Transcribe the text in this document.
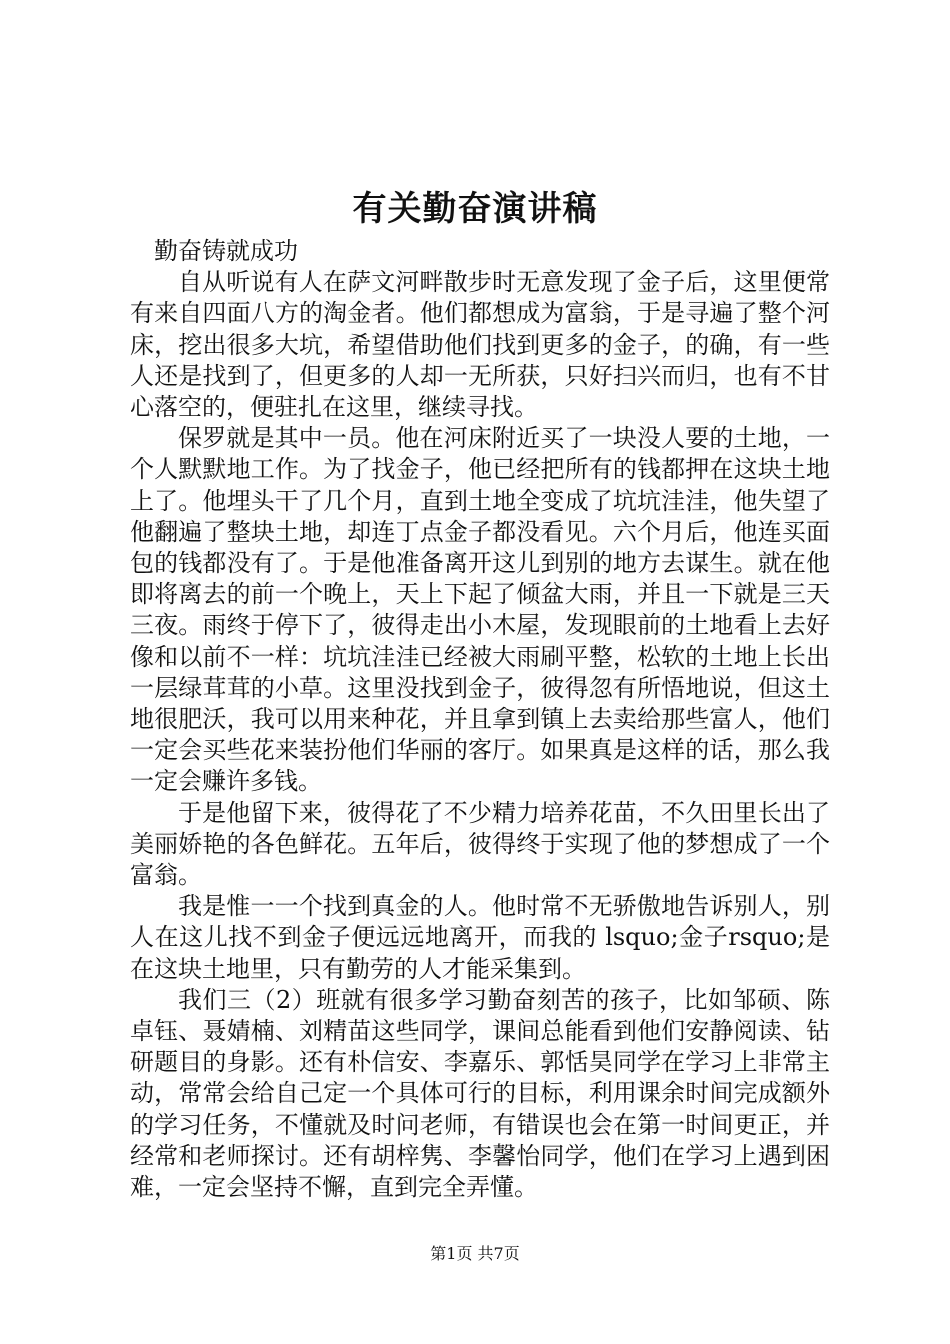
有关勤奋演讲稿

勤奋铸就成功

自从听说有人在萨文河畔散步时无意发现了金子后，这里便常有来自四面八方的淘金者。他们都想成为富翁，于是寻遍了整个河床，挖出很多大坑，希望借助他们找到更多的金子，的确，有一些人还是找到了，但更多的人却一无所获，只好扫兴而归，也有不甘心落空的，便驻扎在这里，继续寻找。

保罗就是其中一员。他在河床附近买了一块没人要的土地，一个人默默地工作。为了找金子，他已经把所有的钱都押在这块土地上了。他埋头干了几个月，直到土地全变成了坑坑洼洼，他失望了他翻遍了整块土地，却连丁点金子都没看见。六个月后，他连买面包的钱都没有了。于是他准备离开这儿到别的地方去谋生。就在他即将离去的前一个晚上，天上下起了倾盆大雨，并且一下就是三天三夜。雨终于停下了，彼得走出小木屋，发现眼前的土地看上去好像和以前不一样：坑坑洼洼已经被大雨刷平整，松软的土地上长出一层绿茸茸的小草。这里没找到金子，彼得忽有所悟地说，但这土地很肥沃，我可以用来种花，并且拿到镇上去卖给那些富人，他们一定会买些花来装扮他们华丽的客厅。如果真是这样的话，那么我一定会赚许多钱。

于是他留下来，彼得花了不少精力培养花苗，不久田里长出了美丽娇艳的各色鲜花。五年后，彼得终于实现了他的梦想成了一个富翁。

我是惟一一个找到真金的人。他时常不无骄傲地告诉别人，别人在这儿找不到金子便远远地离开，而我的 lsquo;金子rsquo;是在这块土地里，只有勤劳的人才能采集到。

我们三（2）班就有很多学习勤奋刻苦的孩子，比如邹硕、陈卓钰、聂婧楠、刘精苗这些同学，课间总能看到他们安静阅读、钻研题目的身影。还有朴信安、李嘉乐、郭恬昊同学在学习上非常主动，常常会给自己定一个具体可行的目标，利用课余时间完成额外的学习任务，不懂就及时问老师，有错误也会在第一时间更正，并经常和老师探讨。还有胡梓隽、李馨怡同学，他们在学习上遇到困难，一定会坚持不懈，直到完全弄懂。

第1页 共7页
